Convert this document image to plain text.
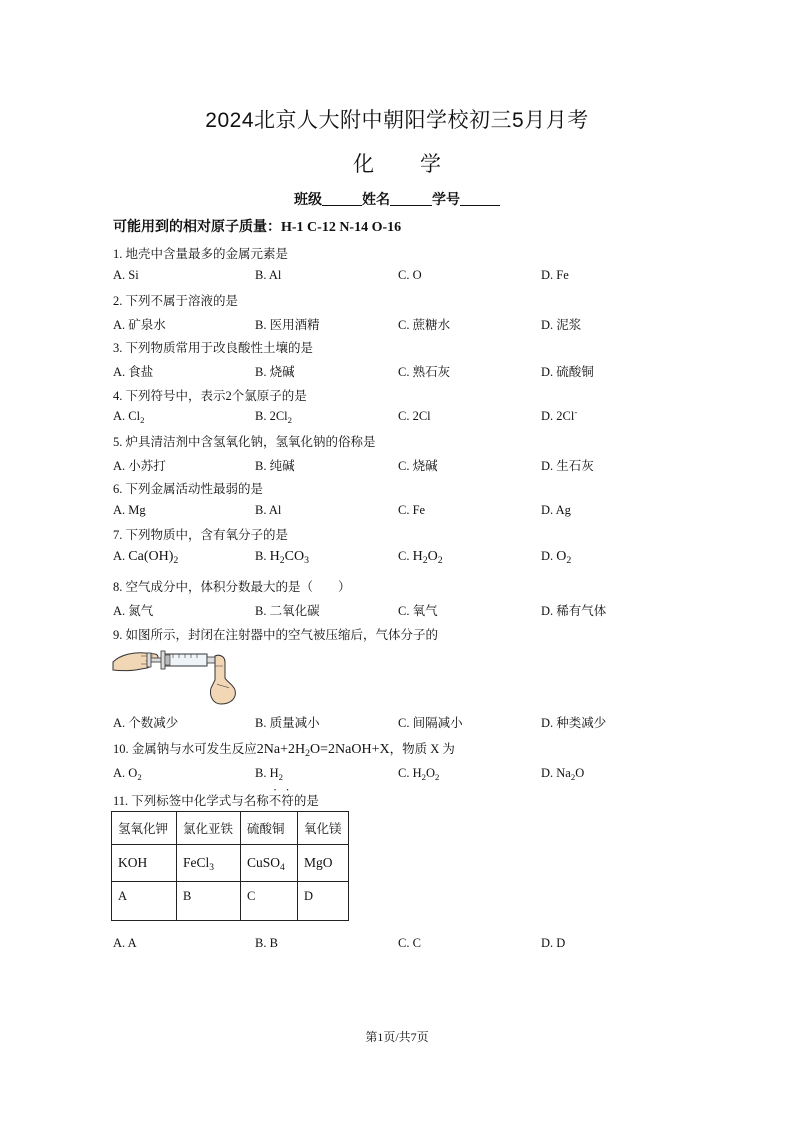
2024北京人大附中朝阳学校初三5月月考
化 学
班级	姓名	学号
可能用到的相对原子质量：H-1 C-12 N-14 O-16
1. 地壳中含量最多的金属元素是
A. Si	B. Al	C. O	D. Fe
2. 下列不属于溶液的是
A. 矿泉水	B. 医用酒精	C. 蔗糖水	D. 泥浆
3. 下列物质常用于改良酸性土壤的是
A. 食盐	B. 烧碱	C. 熟石灰	D. 硫酸铜
4. 下列符号中，表示2个氯原子的是
A. $Cl_2$	B. $2Cl_2$	C. 2Cl	D. 2Cl-
5. 炉具清洁剂中含氢氧化钠，氢氧化钠的俗称是
A. 小苏打	B. 纯碱	C. 烧碱	D. 生石灰
6. 下列金属活动性最弱的是
A. Mg	B. Al	C. Fe	D. Ag
7. 下列物质中，含有氧分子的是
A. $Ca(OH)_2$	B. $H_2CO_3$	C. $H_2O_2$	D. $O_2$
8. 空气成分中，体积分数最大的是（　　）
A. 氮气	B. 二氧化碳	C. 氧气	D. 稀有气体
9. 如图所示，封闭在注射器中的空气被压缩后，气体分子的
A. 个数减少	B. 质量减小	C. 间隔减小	D. 种类减少
10. 金属钠与水可发生反应$2Na+2H_2O=2NaOH+X$，物质 X 为
A. $O_2$	B. $H_2$	C. $H_2O_2$	D. $Na_2O$
11. 下列标签中化学式与名称不符的是
氢氧化钾	氯化亚铁	硫酸铜	氧化镁
KOH	FeCl$_3$	CuSO$_4$	MgO
A	B	C	D
A. A	B. B	C. C	D. D
第1页/共7页
